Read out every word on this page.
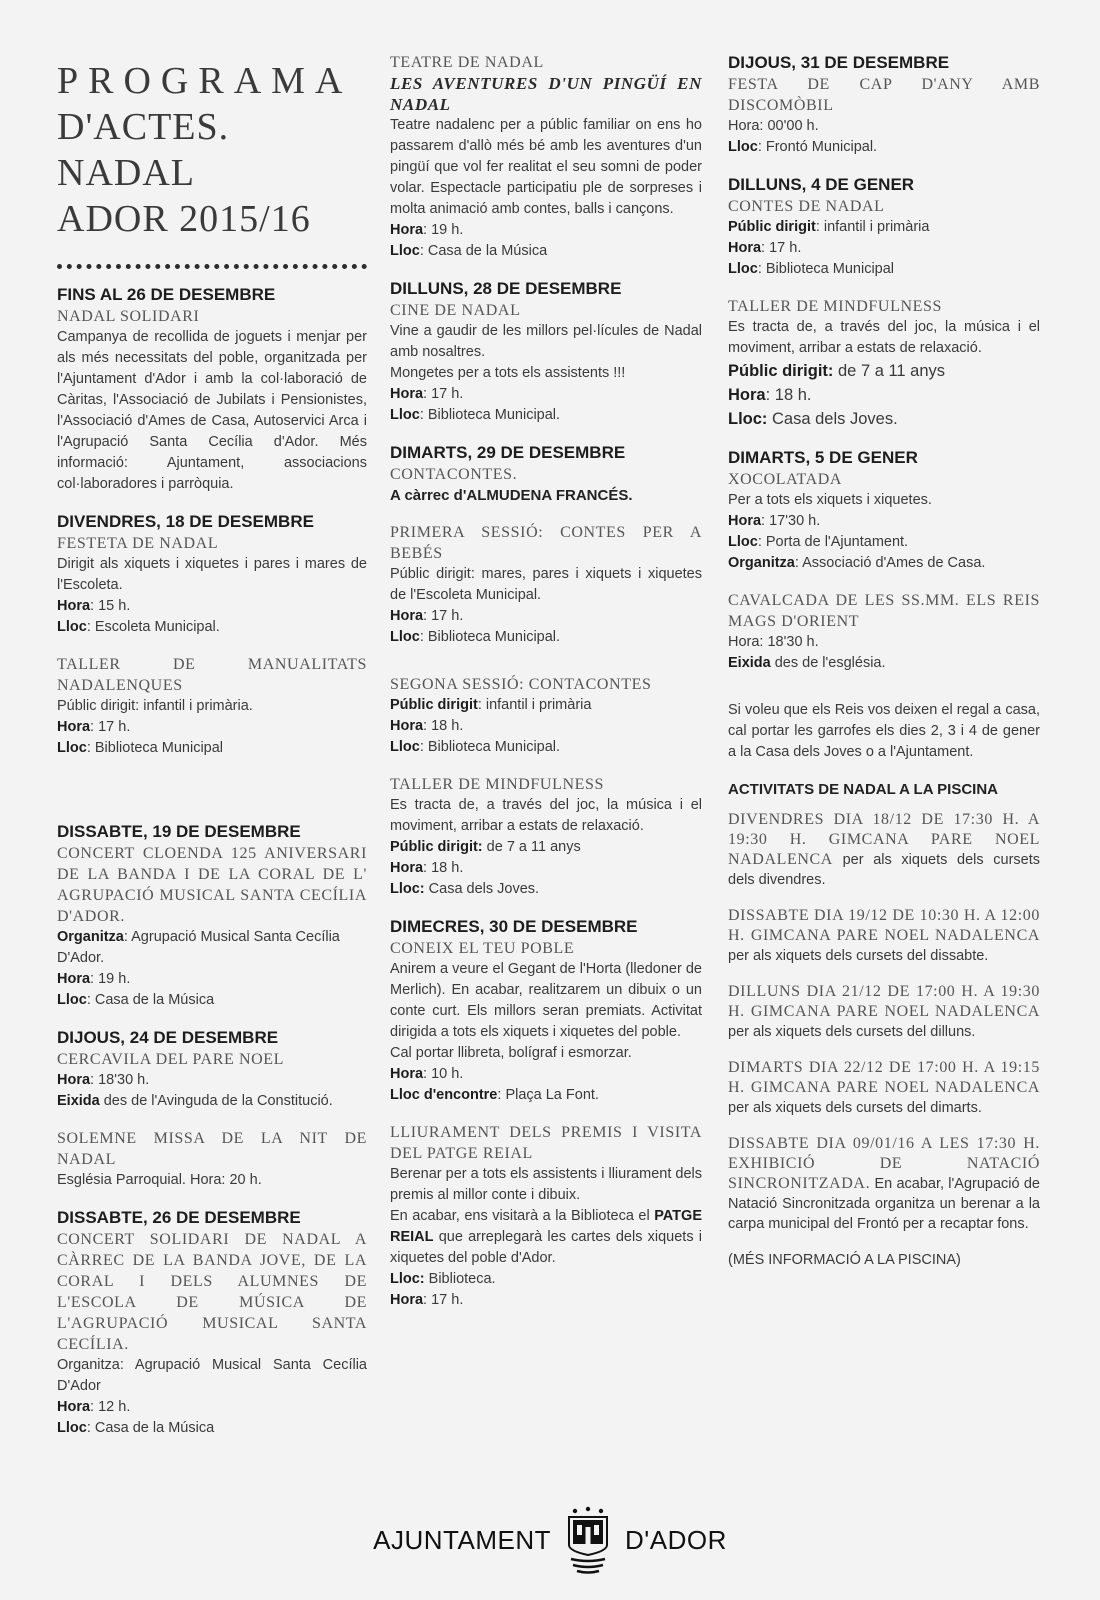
PROGRAMA
D'ACTES. NADAL
ADOR 2015/16
FINS AL 26 DE DESEMBRE
NADAL SOLIDARI
Campanya de recollida de joguets i menjar per als més necessitats del poble, organitzada per l'Ajuntament d'Ador i amb la col·laboració de Càritas, l'Associació de Jubilats i Pensionistes, l'Associació d'Ames de Casa, Autoservici Arca i l'Agrupació Santa Cecília d'Ador. Més informació: Ajuntament, associacions col·laboradores i parròquia.
DIVENDRES, 18 DE DESEMBRE
FESTETA DE NADAL
Dirigit als xiquets i xiquetes i pares i mares de l'Escoleta.
Hora: 15 h.
Lloc: Escoleta Municipal.
TALLER DE MANUALITATS NADALENQUES
Públic dirigit: infantil i primària.
Hora: 17 h.
Lloc: Biblioteca Municipal
DISSABTE, 19 DE DESEMBRE
CONCERT CLOENDA 125 ANIVERSARI DE LA BANDA I DE LA CORAL DE L' AGRUPACIÓ MUSICAL SANTA CECÍLIA D'ADOR.
Organitza: Agrupació Musical Santa Cecília D'Ador.
Hora: 19 h.
Lloc: Casa de la Música
DIJOUS, 24 DE DESEMBRE
CERCAVILA DEL PARE NOEL
Hora: 18'30 h.
Eixida des de l'Avinguda de la Constitució.
SOLEMNE MISSA DE LA NIT DE NADAL
Església Parroquial. Hora: 20 h.
DISSABTE, 26 DE DESEMBRE
CONCERT SOLIDARI DE NADAL A CÀRREC DE LA BANDA JOVE, DE LA CORAL I DELS ALUMNES DE L'ESCOLA DE MÚSICA DE L'AGRUPACIÓ MUSICAL SANTA CECÍLIA.
Organitza: Agrupació Musical Santa Cecília D'Ador
Hora: 12 h.
Lloc: Casa de la Música
TEATRE DE NADAL
LES AVENTURES D'UN PINGÜÍ EN NADAL
Teatre nadalenc per a públic familiar on ens ho passarem d'allò més bé amb les aventures d'un pingüí que vol fer realitat el seu somni de poder volar. Espectacle participatiu ple de sorpreses i molta animació amb contes, balls i cançons.
Hora: 19 h.
Lloc: Casa de la Música
DILLUNS, 28 DE DESEMBRE
CINE DE NADAL
Vine a gaudir de les millors pel·lícules de Nadal amb nosaltres.
Mongetes per a tots els assistents !!!
Hora: 17 h.
Lloc: Biblioteca Municipal.
DIMARTS, 29 DE DESEMBRE
CONTACONTES.
A càrrec d'ALMUDENA FRANCÉS.
PRIMERA SESSIÓ: CONTES PER A BEBÉS
Públic dirigit: mares, pares i xiquets i xiquetes de l'Escoleta Municipal.
Hora: 17 h.
Lloc: Biblioteca Municipal.
SEGONA SESSIÓ: CONTACONTES
Públic dirigit: infantil i primària
Hora: 18 h.
Lloc: Biblioteca Municipal.
TALLER DE MINDFULNESS
Es tracta de, a través del joc, la música i el moviment, arribar a estats de relaxació.
Públic dirigit: de 7 a 11 anys
Hora: 18 h.
Lloc: Casa dels Joves.
DIMECRES, 30 DE DESEMBRE
CONEIX EL TEU POBLE
Anirem a veure el Gegant de l'Horta (lledoner de Merlich). En acabar, realitzarem un dibuix o un conte curt. Els millors seran premiats. Activitat dirigida a tots els xiquets i xiquetes del poble.
Cal portar llibreta, bolígraf i esmorzar.
Hora: 10 h.
Lloc d'encontre: Plaça La Font.
LLIURAMENT DELS PREMIS I VISITA DEL PATGE REIAL
Berenar per a tots els assistents i lliurament dels premis al millor conte i dibuix.
En acabar, ens visitarà a la Biblioteca el PATGE REIAL que arreplegarà les cartes dels xiquets i xiquetes del poble d'Ador.
Lloc: Biblioteca.
Hora: 17 h.
DIJOUS, 31 DE DESEMBRE
FESTA DE CAP D'ANY AMB DISCOMÒBIL
Hora: 00'00 h.
Lloc: Frontó Municipal.
DILLUNS, 4 DE GENER
CONTES DE NADAL
Públic dirigit: infantil i primària
Hora: 17 h.
Lloc: Biblioteca Municipal
TALLER DE MINDFULNESS
Es tracta de, a través del joc, la música i el moviment, arribar a estats de relaxació.
Públic dirigit: de 7 a 11 anys
Hora: 18 h.
Lloc: Casa dels Joves.
DIMARTS, 5 DE GENER
XOCOLATADA
Per a tots els xiquets i xiquetes.
Hora: 17'30 h.
Lloc: Porta de l'Ajuntament.
Organitza: Associació d'Ames de Casa.
CAVALCADA DE LES SS.MM. ELS REIS MAGS D'ORIENT
Hora: 18'30 h.
Eixida des de l'església.
Si voleu que els Reis vos deixen el regal a casa, cal portar les garrofes els dies 2, 3 i 4 de gener a la Casa dels Joves o a l'Ajuntament.
ACTIVITATS DE NADAL A LA PISCINA
DIVENDRES DIA 18/12 DE 17:30 H. A 19:30 H. GIMCANA PARE NOEL NADALENCA per als xiquets dels cursets dels divendres.
DISSABTE DIA 19/12 DE 10:30 H. A 12:00 H. GIMCANA PARE NOEL NADALENCA per als xiquets dels cursets del dissabte.
DILLUNS DIA 21/12 DE 17:00 H. A 19:30 H. GIMCANA PARE NOEL NADALENCA per als xiquets dels cursets del dilluns.
DIMARTS DIA 22/12 DE 17:00 H. A 19:15 H. GIMCANA PARE NOEL NADALENCA per als xiquets dels cursets del dimarts.
DISSABTE DIA 09/01/16 A LES 17:30 H. EXHIBICIÓ DE NATACIÓ SINCRONITZADA. En acabar, l'Agrupació de Natació Sincronitzada organitza un berenar a la carpa municipal del Frontó per a recaptar fons.
(MÉS INFORMACIÓ A LA PISCINA)
AJUNTAMENT	D'ADOR
